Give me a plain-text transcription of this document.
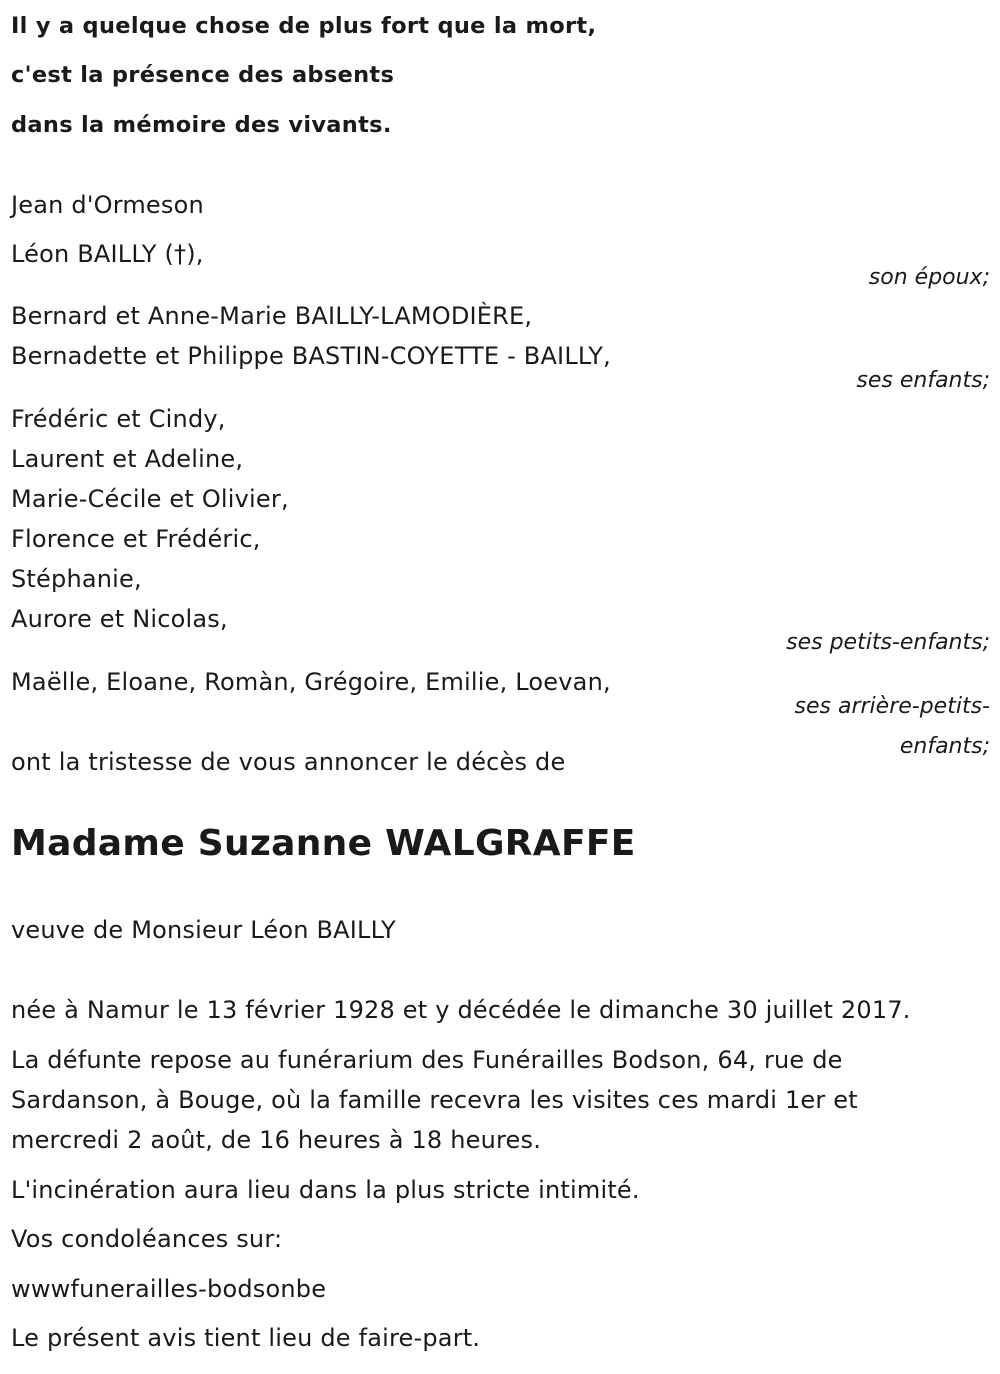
Il y a quelque chose de plus fort que la mort,
c'est la présence des absents
dans la mémoire des vivants.
Jean d'Ormeson
Léon BAILLY (†),
son époux;
Bernard et Anne-Marie BAILLY-LAMODIÈRE,
Bernadette et Philippe BASTIN-COYETTE - BAILLY,
ses enfants;
Frédéric et Cindy,
Laurent et Adeline,
Marie-Cécile et Olivier,
Florence et Frédéric,
Stéphanie,
Aurore et Nicolas,
ses petits-enfants;
Maëlle, Eloane, Romàn, Grégoire, Emilie, Loevan,
ses arrière-petits-enfants;
ont la tristesse de vous annoncer le décès de
Madame Suzanne WALGRAFFE
veuve de Monsieur Léon BAILLY
née à Namur le 13 février 1928 et y décédée le dimanche 30 juillet 2017.
La défunte repose au funérarium des Funérailles Bodson, 64, rue de
Sardanson, à Bouge, où la famille recevra les visites ces mardi 1er et
mercredi 2 août, de 16 heures à 18 heures.
L'incinération aura lieu dans la plus stricte intimité.
Vos condoléances sur:
wwwfunerailles-bodsonbe
Le présent avis tient lieu de faire-part.
